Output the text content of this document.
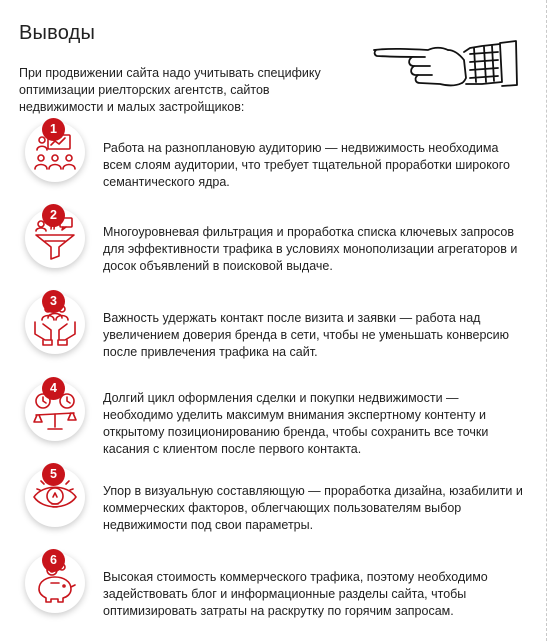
Выводы
При продвижении сайта надо учитывать специфику оптимизации риелторских агентств, сайтов недвижимости и малых застройщиков:
1
Работа на разноплановую аудиторию — недвижимость необходима всем слоям аудитории, что требует тщательной проработки широкого семантического ядра.
2
Многоуровневая фильтрация и проработка списка ключевых запросов для эффективности трафика в условиях монополизации агрегаторов и досок объявлений в поисковой выдаче.
3
Важность удержать контакт после визита и заявки — работа над увеличением доверия бренда в сети, чтобы не уменьшать конверсию после привлечения трафика на сайт.
4
Долгий цикл оформления сделки и покупки недвижимости — необходимо уделить максимум внимания экспертному контенту и открытому позиционированию бренда, чтобы сохранить все точки касания с клиентом после первого контакта.
5
Упор в визуальную составляющую — проработка дизайна, юзабилити и коммерческих факторов, облегчающих пользователям выбор недвижимости под свои параметры.
6
Высокая стоимость коммерческого трафика, поэтому необходимо задействовать блог и информационные разделы сайта, чтобы оптимизировать затраты на раскрутку по горячим запросам.
